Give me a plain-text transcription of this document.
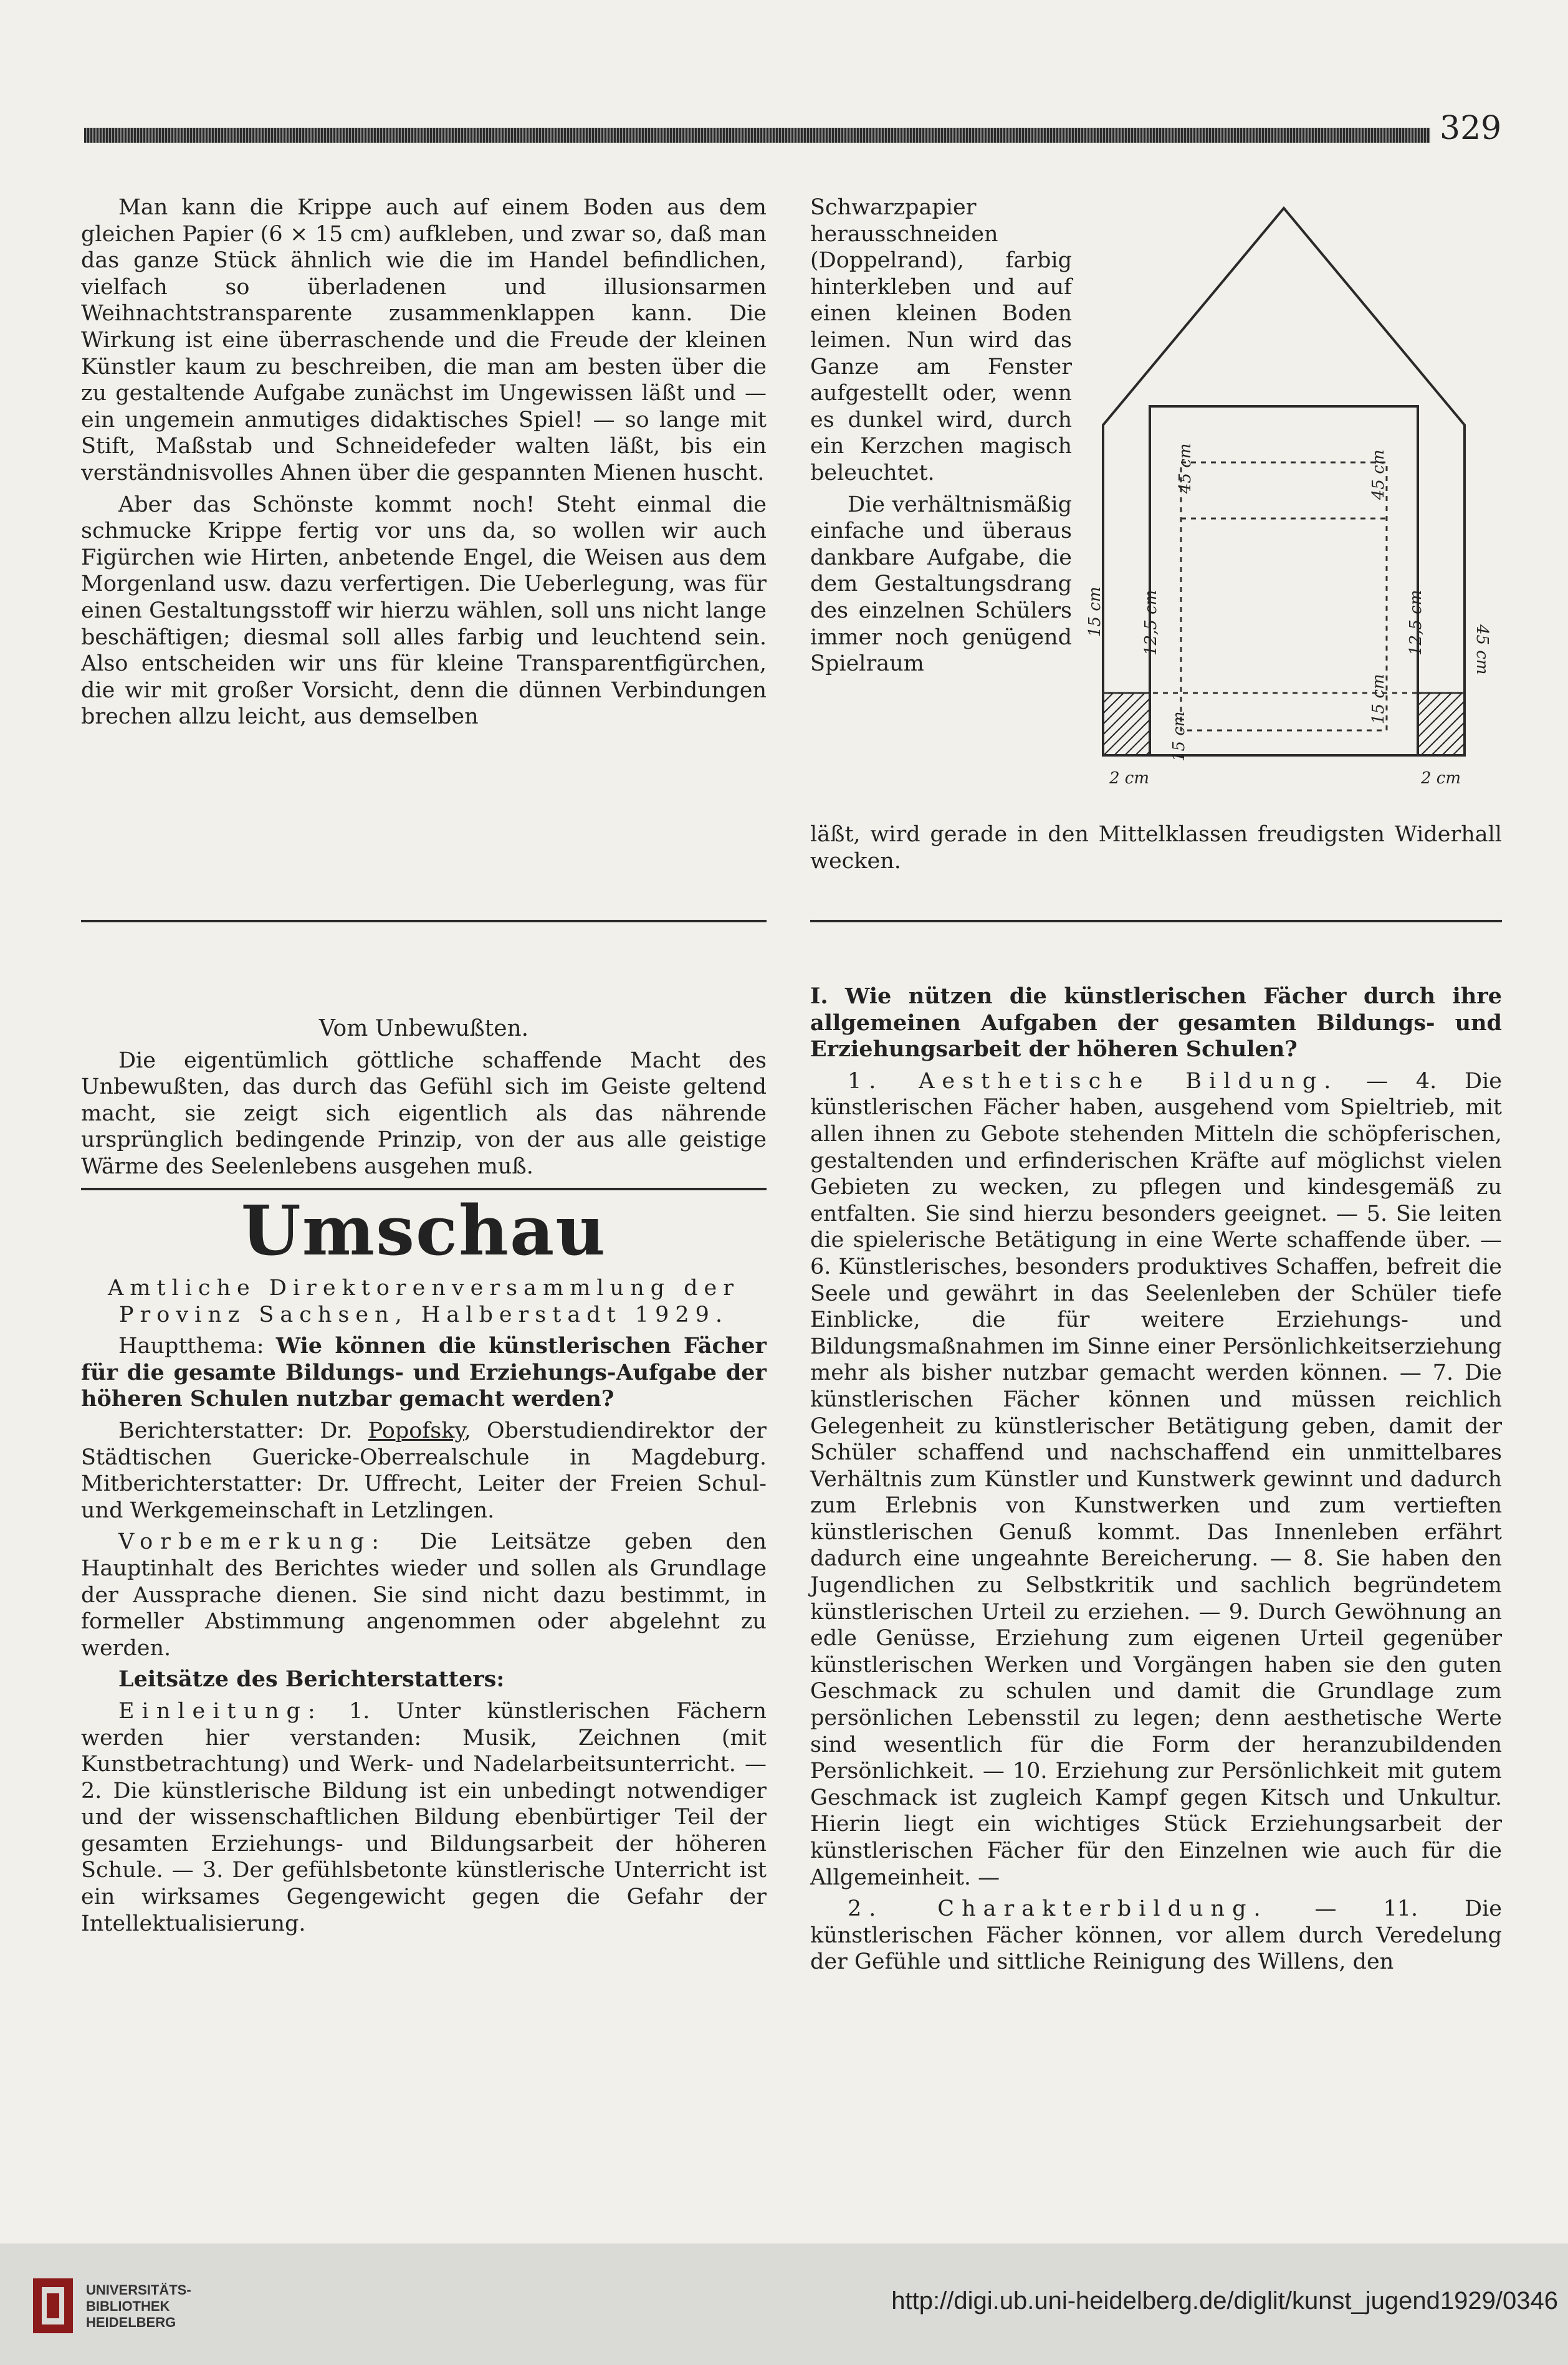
329

Man kann die Krippe auch auf einem Boden aus dem gleichen Papier (6 × 15 cm) aufkleben, und zwar so, daß man das ganze Stück ähnlich wie die im Handel befindlichen, vielfach so überladenen und illusionsarmen Weihnachtstransparente zusammenklappen kann. Die Wirkung ist eine überraschende und die Freude der kleinen Künstler kaum zu beschreiben, die man am besten über die zu gestaltende Aufgabe zunächst im Ungewissen läßt und — ein ungemein anmutiges didaktisches Spiel! — so lange mit Stift, Maßstab und Schneidefeder walten läßt, bis ein verständnisvolles Ahnen über die gespannten Mienen huscht.

Aber das Schönste kommt noch! Steht einmal die schmucke Krippe fertig vor uns da, so wollen wir auch Figürchen wie Hirten, anbetende Engel, die Weisen aus dem Morgenland usw. dazu verfertigen. Die Ueberlegung, was für einen Gestaltungsstoff wir hierzu wählen, soll uns nicht lange beschäftigen; diesmal soll alles farbig und leuchtend sein. Also entscheiden wir uns für kleine Transparentfigürchen, die wir mit großer Vorsicht, denn die dünnen Verbindungen brechen allzu leicht, aus demselben

Schwarzpapier herausschneiden (Doppelrand), farbig hinterkleben und auf einen kleinen Boden leimen. Nun wird das Ganze am Fenster aufgestellt oder, wenn es dunkel wird, durch ein Kerzchen magisch beleuchtet.

Die verhältnismäßig einfache und überaus dankbare Aufgabe, die dem Gestaltungsdrang des einzelnen Schülers immer noch genügend Spielraum

läßt, wird gerade in den Mittelklassen freudigsten Widerhall wecken.

15 cm 12,5 cm
15 cm
12,5 cm	45 cm
45 cm	45 cm
15 cm
2 cm	2 cm

Vom Unbewußten.

Die eigentümlich göttliche schaffende Macht des Unbewußten, das durch das Gefühl sich im Geiste geltend macht, sie zeigt sich eigentlich als das nährende ursprünglich bedingende Prinzip, von der aus alle geistige Wärme des Seelenlebens ausgehen muß.

Umschau

Amtliche Direktorenversammlung der Provinz Sachsen, Halberstadt 1929.

Hauptthema: Wie können die künstlerischen Fächer für die gesamte Bildungs- und Erziehungs-Aufgabe der höheren Schulen nutzbar gemacht werden?

Berichterstatter: Dr. Popofsky, Oberstudiendirektor der Städtischen Guericke-Oberrealschule in Magdeburg. Mitberichterstatter: Dr. Uffrecht, Leiter der Freien Schul- und Werkgemeinschaft in Letzlingen.

Vorbemerkung: Die Leitsätze geben den Hauptinhalt des Berichtes wieder und sollen als Grundlage der Aussprache dienen. Sie sind nicht dazu bestimmt, in formeller Abstimmung angenommen oder abgelehnt zu werden.

Leitsätze des Berichterstatters:

Einleitung: 1. Unter künstlerischen Fächern werden hier verstanden: Musik, Zeichnen (mit Kunstbetrachtung) und Werk- und Nadelarbeitsunterricht. — 2. Die künstlerische Bildung ist ein unbedingt notwendiger und der wissenschaftlichen Bildung ebenbürtiger Teil der gesamten Erziehungs- und Bildungsarbeit der höheren Schule. — 3. Der gefühlsbetonte künstlerische Unterricht ist ein wirksames Gegengewicht gegen die Gefahr der Intellektualisierung.

I. Wie nützen die künstlerischen Fächer durch ihre allgemeinen Aufgaben der gesamten Bildungs- und Erziehungsarbeit der höheren Schulen?

1. Aesthetische Bildung. — 4. Die künstlerischen Fächer haben, ausgehend vom Spieltrieb, mit allen ihnen zu Gebote stehenden Mitteln die schöpferischen, gestaltenden und erfinderischen Kräfte auf möglichst vielen Gebieten zu wecken, zu pflegen und kindesgemäß zu entfalten. Sie sind hierzu besonders geeignet. — 5. Sie leiten die spielerische Betätigung in eine Werte schaffende über. — 6. Künstlerisches, besonders produktives Schaffen, befreit die Seele und gewährt in das Seelenleben der Schüler tiefe Einblicke, die für weitere Erziehungs- und Bildungsmaßnahmen im Sinne einer Persönlichkeitserziehung mehr als bisher nutzbar gemacht werden können. — 7. Die künstlerischen Fächer können und müssen reichlich Gelegenheit zu künstlerischer Betätigung geben, damit der Schüler schaffend und nachschaffend ein unmittelbares Verhältnis zum Künstler und Kunstwerk gewinnt und dadurch zum Erlebnis von Kunstwerken und zum vertieften künstlerischen Genuß kommt. Das Innenleben erfährt dadurch eine ungeahnte Bereicherung. — 8. Sie haben den Jugendlichen zu Selbstkritik und sachlich begründetem künstlerischen Urteil zu erziehen. — 9. Durch Gewöhnung an edle Genüsse, Erziehung zum eigenen Urteil gegenüber künstlerischen Werken und Vorgängen haben sie den guten Geschmack zu schulen und damit die Grundlage zum persönlichen Lebensstil zu legen; denn aesthetische Werte sind wesentlich für die Form der heranzubildenden Persönlichkeit. — 10. Erziehung zur Persönlichkeit mit gutem Geschmack ist zugleich Kampf gegen Kitsch und Unkultur. Hierin liegt ein wichtiges Stück Erziehungsarbeit der künstlerischen Fächer für den Einzelnen wie auch für die Allgemeinheit. —

2. Charakterbildung. — 11. Die künstlerischen Fächer können, vor allem durch Veredelung der Gefühle und sittliche Reinigung des Willens, den

UNIVERSITÄTS-
BIBLIOTHEK
HEIDELBERG
http://digi.ub.uni-heidelberg.de/diglit/kunst_jugend1929/0346
